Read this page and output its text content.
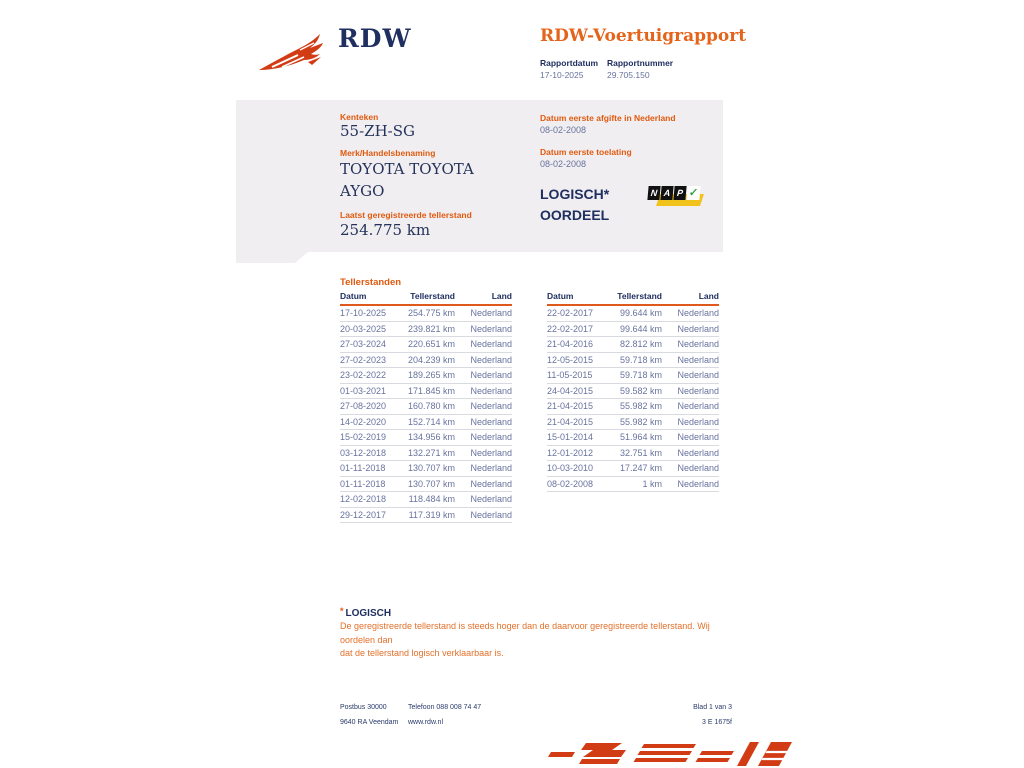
RDW	RDW-Voertuigrapport
Rapportdatum
17-10-2025
Rapportnummer
29.705.150
Kenteken
55-ZH-SG
Merk/Handelsbenaming
TOYOTA TOYOTA AYGO
Laatst geregistreerde tellerstand
254.775 km
Datum eerste afgifte in Nederland
08-02-2008
Datum eerste toelating
08-02-2008
LOGISCH*
OORDEEL
N A P ✓
Tellerstanden
Datum	Tellerstand	Land
17-10-2025	254.775 km	Nederland
20-03-2025	239.821 km	Nederland
27-03-2024	220.651 km	Nederland
27-02-2023	204.239 km	Nederland
23-02-2022	189.265 km	Nederland
01-03-2021	171.845 km	Nederland
27-08-2020	160.780 km	Nederland
14-02-2020	152.714 km	Nederland
15-02-2019	134.956 km	Nederland
03-12-2018	132.271 km	Nederland
01-11-2018	130.707 km	Nederland
01-11-2018	130.707 km	Nederland
12-02-2018	118.484 km	Nederland
29-12-2017	117.319 km	Nederland
Datum	Tellerstand	Land
22-02-2017	99.644 km	Nederland
22-02-2017	99.644 km	Nederland
21-04-2016	82.812 km	Nederland
12-05-2015	59.718 km	Nederland
11-05-2015	59.718 km	Nederland
24-04-2015	59.582 km	Nederland
21-04-2015	55.982 km	Nederland
21-04-2015	55.982 km	Nederland
15-01-2014	51.964 km	Nederland
12-01-2012	32.751 km	Nederland
10-03-2010	17.247 km	Nederland
08-02-2008	1 km	Nederland
* LOGISCH
De geregistreerde tellerstand is steeds hoger dan de daarvoor geregistreerde tellerstand. Wij oordelen dan
dat de tellerstand logisch verklaarbaar is.
Postbus 30000
9640 RA Veendam
Telefoon 088 008 74 47
www.rdw.nl
Blad 1 van 3
3 E 1675f
